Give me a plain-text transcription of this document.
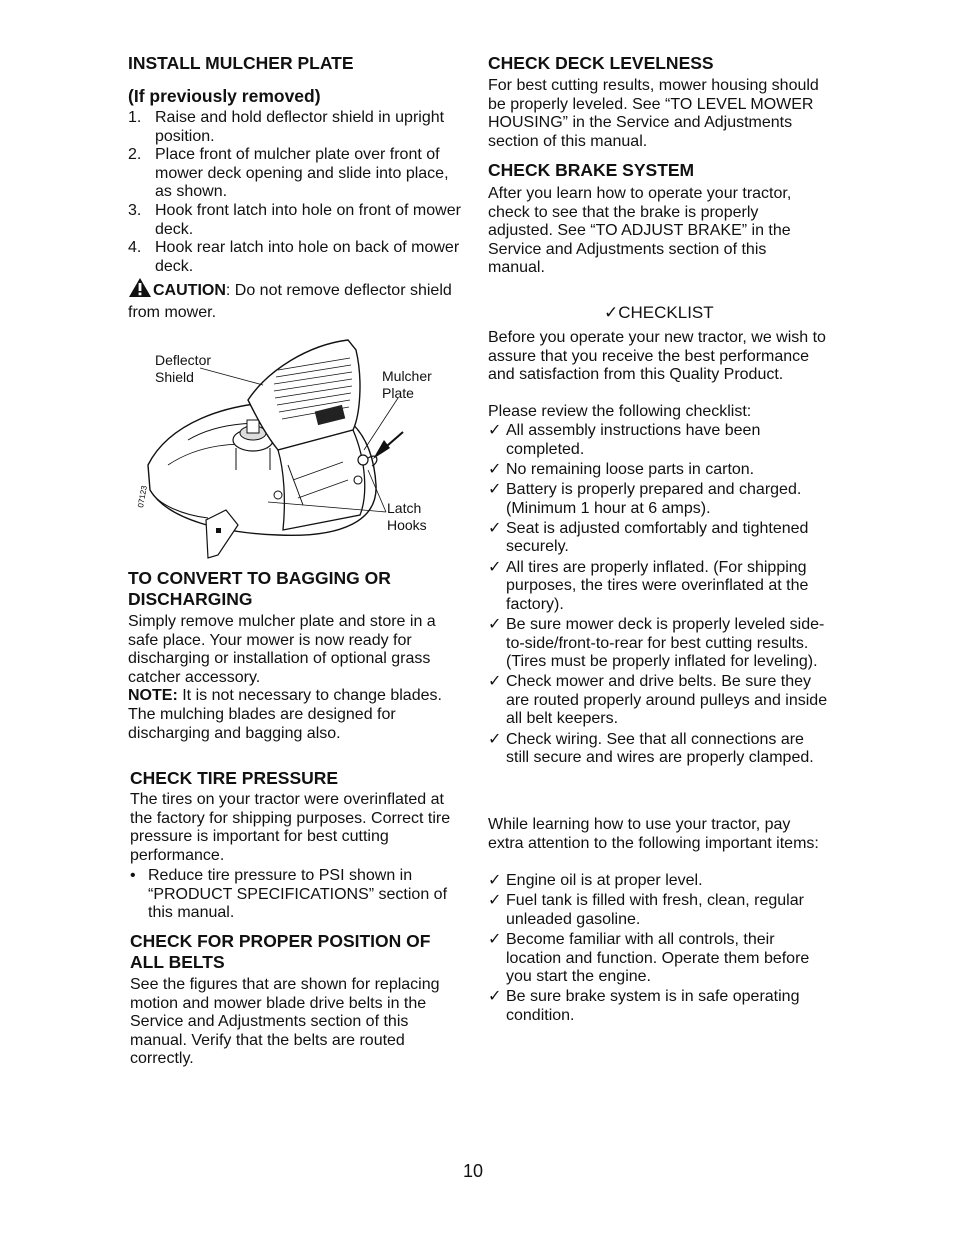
INSTALL MULCHER PLATE
(If previously removed)
1. Raise and hold deflector shield in upright position.
2. Place front of mulcher plate over front of mower deck opening and slide into place, as shown.
3. Hook front latch into hole on front of mower deck.
4. Hook rear latch into hole on back of mower deck.

CAUTION: Do not remove deflector shield from mower.

07123
Deflector
Shield	Mulcher
Plate
Latch
Hooks
TO CONVERT TO BAGGING OR DISCHARGING

Simply remove mulcher plate and store in a safe place. Your mower is now ready for discharging or installation of optional grass catcher accessory.
NOTE: It is not necessary to change blades. The mulching blades are designed for discharging and bagging also.

CHECK TIRE PRESSURE

The tires on your tractor were overinflated at the factory for shipping purposes. Correct tire pressure is important for best cutting performance.

• Reduce tire pressure to PSI shown in “PRODUCT SPECIFICATIONS” section of this manual.
CHECK FOR PROPER POSITION OF ALL BELTS

See the figures that are shown for replacing motion and mower blade drive belts in the Service and Adjustments section of this manual. Verify that the belts are routed correctly.

CHECK DECK LEVELNESS

For best cutting results, mower housing should be properly leveled. See “TO LEVEL MOWER HOUSING” in the Service and Adjustments section of this manual.

CHECK BRAKE SYSTEM

After you learn how to operate your tractor, check to see that the brake is properly adjusted. See “TO ADJUST BRAKE” in the Service and Adjustments section of this manual.

✓CHECKLIST

Before you operate your new tractor, we wish to assure that you receive the best performance and satisfaction from this Quality Product.

Please review the following checklist:

✓ All assembly instructions have been completed.
✓ No remaining loose parts in carton.
✓ Battery is properly prepared and charged. (Minimum 1 hour at 6 amps).
✓ Seat is adjusted comfortably and tightened securely.
✓ All tires are properly inflated. (For shipping purposes, the tires were overinflated at the factory).
✓ Be sure mower deck is properly leveled side-to-side/front-to-rear for best cutting results. (Tires must be properly inflated for leveling).
✓ Check mower and drive belts. Be sure they are routed properly around pulleys and inside all belt keepers.
✓ Check wiring. See that all connections are still secure and wires are properly clamped.

While learning how to use your tractor, pay extra attention to the following important items:

✓ Engine oil is at proper level.
✓ Fuel tank is filled with fresh, clean, regular unleaded gasoline.
✓ Become familiar with all controls, their location and function. Operate them before you start the engine.
✓ Be sure brake system is in safe operating condition.
10
